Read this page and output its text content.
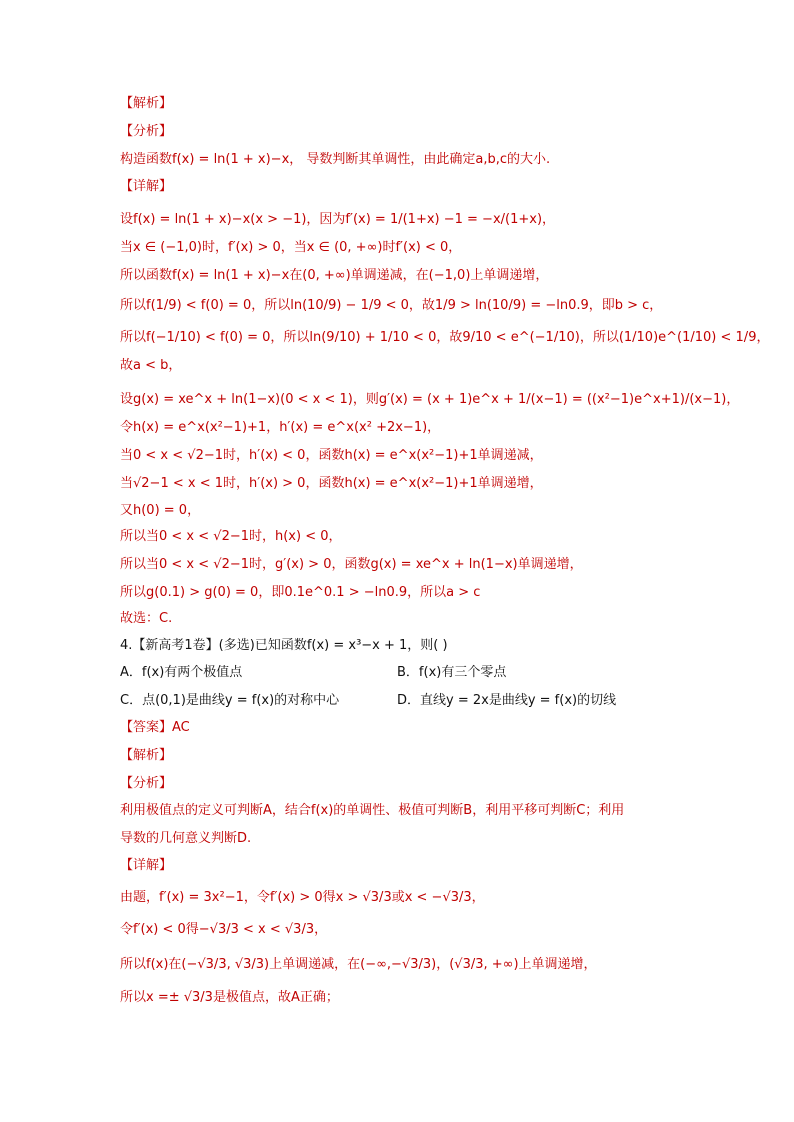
【解析】
【分析】
构造函数f(x) = ln(1 + x)−x， 导数判断其单调性，由此确定a,b,c的大小.
【详解】
设f(x) = ln(1 + x)−x(x > −1)，因为f′(x) = 1/(1+x) −1 = −x/(1+x)，
当x ∈ (−1,0)时，f′(x) > 0，当x ∈ (0, +∞)时f′(x) < 0，
所以函数f(x) = ln(1 + x)−x在(0, +∞)单调递减，在(−1,0)上单调递增，
所以f(1/9) < f(0) = 0，所以ln(10/9) − 1/9 < 0，故1/9 > ln(10/9) = −ln0.9，即b > c，
所以f(−1/10) < f(0) = 0，所以ln(9/10) + 1/10 < 0，故9/10 < e^(−1/10)，所以(1/10)e^(1/10) < 1/9，
故a < b，
设g(x) = xe^x + ln(1−x)(0 < x < 1)，则g′(x) = (x + 1)e^x + 1/(x−1) = ((x²−1)e^x+1)/(x−1)，
令h(x) = e^x(x²−1)+1，h′(x) = e^x(x² +2x−1)，
当0 < x < √2−1时，h′(x) < 0，函数h(x) = e^x(x²−1)+1单调递减，
当√2−1 < x < 1时，h′(x) > 0，函数h(x) = e^x(x²−1)+1单调递增，
又h(0) = 0，
所以当0 < x < √2−1时，h(x) < 0，
所以当0 < x < √2−1时，g′(x) > 0，函数g(x) = xe^x + ln(1−x)单调递增，
所以g(0.1) > g(0) = 0，即0.1e^0.1 > −ln0.9，所以a > c
故选：C.
4.【新高考1卷】(多选)已知函数f(x) = x³−x + 1，则( )
A．f(x)有两个极值点	B．f(x)有三个零点
C．点(0,1)是曲线y = f(x)的对称中心	D．直线y = 2x是曲线y = f(x)的切线
【答案】AC
【解析】
【分析】
利用极值点的定义可判断A，结合f(x)的单调性、极值可判断B，利用平移可判断C；利用
导数的几何意义判断D.
【详解】
由题，f′(x) = 3x²−1，令f′(x) > 0得x > √3/3或x < −√3/3，
令f′(x) < 0得−√3/3 < x < √3/3，
所以f(x)在(−√3/3, √3/3)上单调递减，在(−∞,−√3/3)，(√3/3, +∞)上单调递增，
所以x =± √3/3是极值点，故A正确；
